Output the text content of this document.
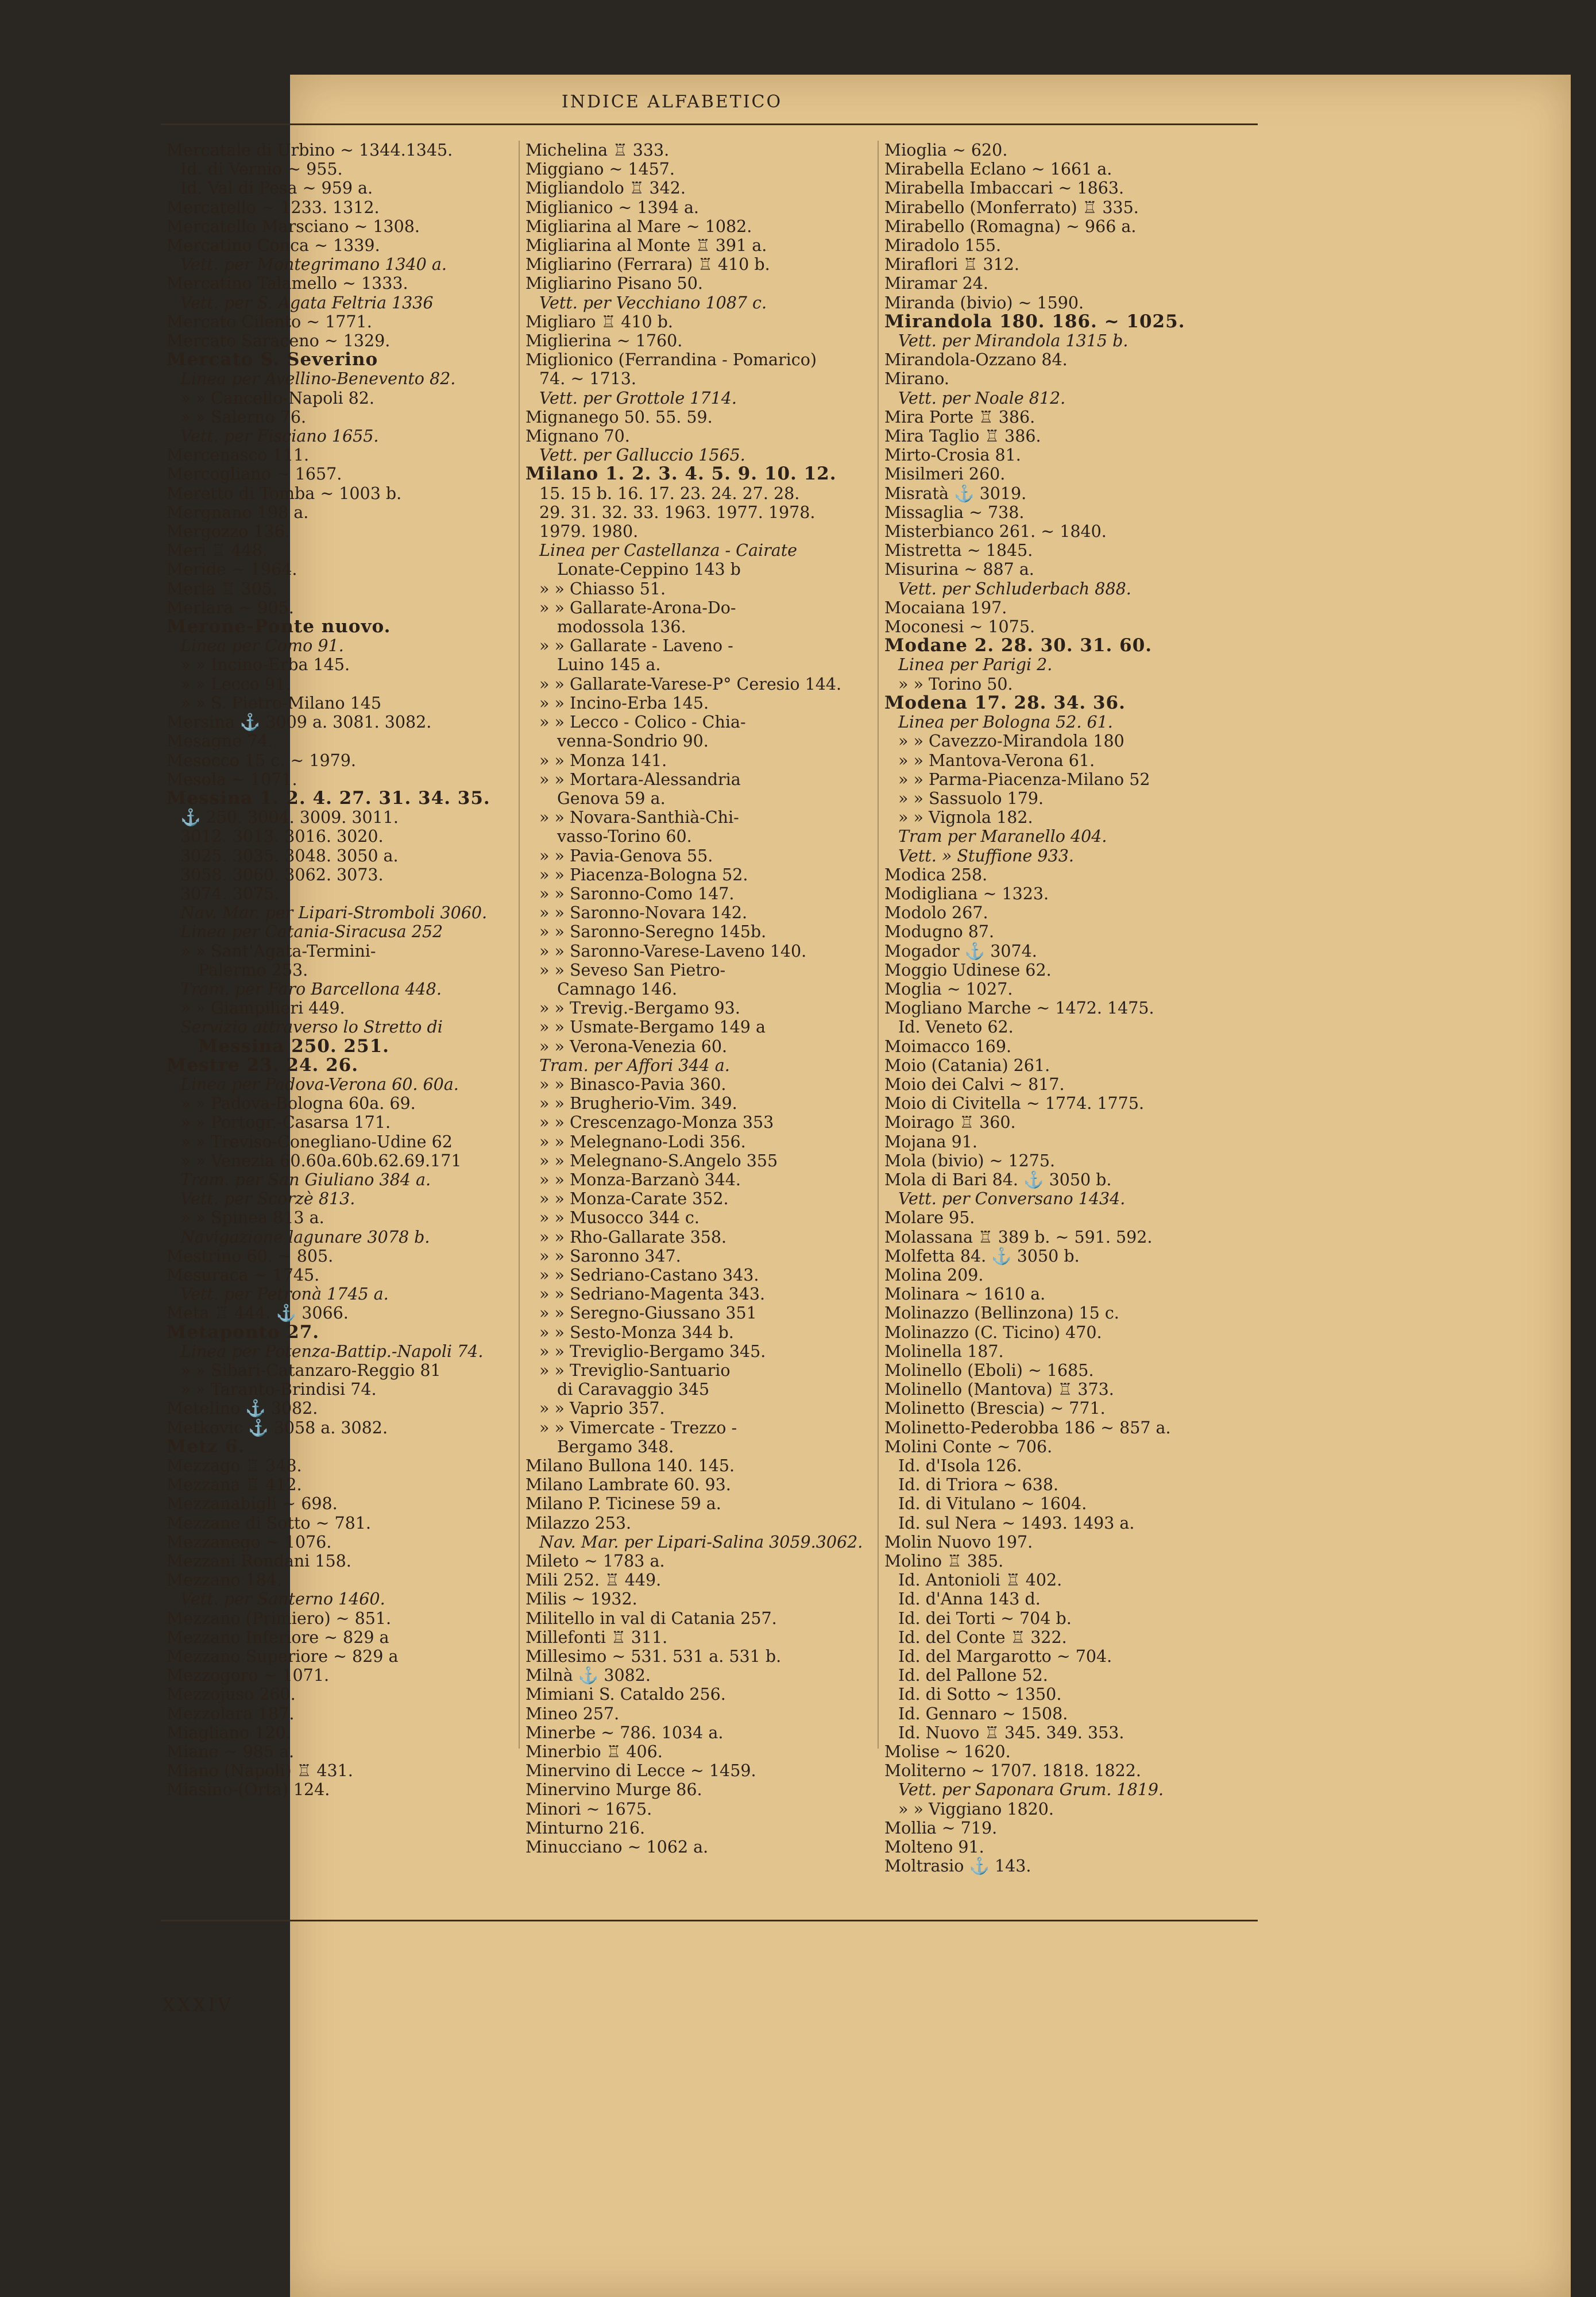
INDICE ALFABETICO
Mercatale di Urbino ~ 1344.1345.
Id. di Vernio ~ 955.
Id. Val di Pesa ~ 959 a.
Mercatello ~ 1233. 1312.
Mercatello Marsciano ~ 1308.
Mercatino Conca ~ 1339.
Vett. per Montegrimano 1340 a.
Mercatino Talamello ~ 1333.
Vett. per S. Agata Feltria 1336
Mercato Cilento ~ 1771.
Mercato Saraceno ~ 1329.
Mercato S. Severino
Linea per Avellino-Benevento 82.
» » Cancello-Napoli 82.
» » Salerno 76.
Vett. per Fisciano 1655.
Mercenasco 111.
Mercogliano ~ 1657.
Meretto di Tomba ~ 1003 b.
Mergnano 198 a.
Mergozzo 136.
Meri ♖ 448.
Meride ~ 1964.
Merla ♖ 305.
Merlara ~ 905.
Merone-Ponte nuovo.
Linea per Como 91.
» » Incino-Erba 145.
» » Lecco 91.
» » S. Pietro-Milano 145
Mersina ⚓ 3009 a. 3081. 3082.
Mesagne 74.
Mesocco 15 c. ~ 1979.
Mesola ~ 1071.
Messina 1. 2. 4. 27. 31. 34. 35.
⚓ 250. 3004. 3009. 3011.
3012. 3013. 3016. 3020.
3025. 3035. 3048. 3050 a.
3058. 3060. 3062. 3073.
3074. 3075.
Nav. Mar. per Lipari-Stromboli 3060.
Linea per Catania-Siracusa 252
» » Sant'Agata-Termini-
Palermo 253.
Tram. per Faro Barcellona 448.
» » Giampilieri 449.
Servizio attraverso lo Stretto di
Messina 250. 251.
Mestre 23. 24. 26.
Linea per Padova-Verona 60. 60a.
» » Padova-Bologna 60a. 69.
» » Portogr.-Casarsa 171.
» » Treviso-Conegliano-Udine 62
» » Venezia 60.60a.60b.62.69.171
Tram. per San Giuliano 384 a.
Vett. per Scorzè 813.
» » Spinea 813 a.
Navigazione lagunare 3078 b.
Mestrino 60. ~ 805.
Mesuraca ~ 1745.
Vett. per Petronà 1745 a.
Meta ♖ 444. ⚓ 3066.
Metaponto 27.
Linea per Potenza-Battip.-Napoli 74.
» » Sibari-Catanzaro-Reggio 81
» » Taranto-Brindisi 74.
Metelino ⚓ 3082.
Metkovic ⚓ 3058 a. 3082.
Metz 6.
Mezzago ♖ 348.
Mezzana ♖ 412.
Mezzanabigli ~ 698.
Mezzane di Sotto ~ 781.
Mezzanego ~ 1076.
Mezzani Rondani 158.
Mezzano 184.
Vett. per Santerno 1460.
Mezzano (Primiero) ~ 851.
Mezzano Inferiore ~ 829 a
Mezzano Superiore ~ 829 a
Mezzogoro ~ 1071.
Mezzojuso 260.
Mezzolara 187.
Miagliano 120.
Miane ~ 985 a.
Miano (Napoli) ♖ 431.
Miasino-(Orta) 124.
Michelina ♖ 333.
Miggiano ~ 1457.
Migliandolo ♖ 342.
Miglianico ~ 1394 a.
Migliarina al Mare ~ 1082.
Migliarina al Monte ♖ 391 a.
Migliarino (Ferrara) ♖ 410 b.
Migliarino Pisano 50.
Vett. per Vecchiano 1087 c.
Migliaro ♖ 410 b.
Miglierina ~ 1760.
Miglionico (Ferrandina - Pomarico)
74. ~ 1713.
Vett. per Grottole 1714.
Mignanego 50. 55. 59.
Mignano 70.
Vett. per Galluccio 1565.
Milano 1. 2. 3. 4. 5. 9. 10. 12.
15. 15 b. 16. 17. 23. 24. 27. 28.
29. 31. 32. 33. 1963. 1977. 1978.
1979. 1980.
Linea per Castellanza - Cairate
Lonate-Ceppino 143 b
» » Chiasso 51.
» » Gallarate-Arona-Do-
modossola 136.
» » Gallarate - Laveno -
Luino 145 a.
» » Gallarate-Varese-P° Ceresio 144.
» » Incino-Erba 145.
» » Lecco - Colico - Chia-
venna-Sondrio 90.
» » Monza 141.
» » Mortara-Alessandria
Genova 59 a.
» » Novara-Santhià-Chi-
vasso-Torino 60.
» » Pavia-Genova 55.
» » Piacenza-Bologna 52.
» » Saronno-Como 147.
» » Saronno-Novara 142.
» » Saronno-Seregno 145b.
» » Saronno-Varese-Laveno 140.
» » Seveso San Pietro-
Camnago 146.
» » Trevig.-Bergamo 93.
» » Usmate-Bergamo 149 a
» » Verona-Venezia 60.
Tram. per Affori 344 a.
» » Binasco-Pavia 360.
» » Brugherio-Vim. 349.
» » Crescenzago-Monza 353
» » Melegnano-Lodi 356.
» » Melegnano-S.Angelo 355
» » Monza-Barzanò 344.
» » Monza-Carate 352.
» » Musocco 344 c.
» » Rho-Gallarate 358.
» » Saronno 347.
» » Sedriano-Castano 343.
» » Sedriano-Magenta 343.
» » Seregno-Giussano 351
» » Sesto-Monza 344 b.
» » Treviglio-Bergamo 345.
» » Treviglio-Santuario
di Caravaggio 345
» » Vaprio 357.
» » Vimercate - Trezzo -
Bergamo 348.
Milano Bullona 140. 145.
Milano Lambrate 60. 93.
Milano P. Ticinese 59 a.
Milazzo 253.
Nav. Mar. per Lipari-Salina 3059.3062.
Mileto ~ 1783 a.
Mili 252. ♖ 449.
Milis ~ 1932.
Militello in val di Catania 257.
Millefonti ♖ 311.
Millesimo ~ 531. 531 a. 531 b.
Milnà ⚓ 3082.
Mimiani S. Cataldo 256.
Mineo 257.
Minerbe ~ 786. 1034 a.
Minerbio ♖ 406.
Minervino di Lecce ~ 1459.
Minervino Murge 86.
Minori ~ 1675.
Minturno 216.
Minucciano ~ 1062 a.
Mioglia ~ 620.
Mirabella Eclano ~ 1661 a.
Mirabella Imbaccari ~ 1863.
Mirabello (Monferrato) ♖ 335.
Mirabello (Romagna) ~ 966 a.
Miradolo 155.
Miraflori ♖ 312.
Miramar 24.
Miranda (bivio) ~ 1590.
Mirandola 180. 186. ~ 1025.
Vett. per Mirandola 1315 b.
Mirandola-Ozzano 84.
Mirano.
Vett. per Noale 812.
Mira Porte ♖ 386.
Mira Taglio ♖ 386.
Mirto-Crosia 81.
Misilmeri 260.
Misratà ⚓ 3019.
Missaglia ~ 738.
Misterbianco 261. ~ 1840.
Mistretta ~ 1845.
Misurina ~ 887 a.
Vett. per Schluderbach 888.
Mocaiana 197.
Moconesi ~ 1075.
Modane 2. 28. 30. 31. 60.
Linea per Parigi 2.
» » Torino 50.
Modena 17. 28. 34. 36.
Linea per Bologna 52. 61.
» » Cavezzo-Mirandola 180
» » Mantova-Verona 61.
» » Parma-Piacenza-Milano 52
» » Sassuolo 179.
» » Vignola 182.
Tram per Maranello 404.
Vett. » Stuffione 933.
Modica 258.
Modigliana ~ 1323.
Modolo 267.
Modugno 87.
Mogador ⚓ 3074.
Moggio Udinese 62.
Moglia ~ 1027.
Mogliano Marche ~ 1472. 1475.
Id. Veneto 62.
Moimacco 169.
Moio (Catania) 261.
Moio dei Calvi ~ 817.
Moio di Civitella ~ 1774. 1775.
Moirago ♖ 360.
Mojana 91.
Mola (bivio) ~ 1275.
Mola di Bari 84. ⚓ 3050 b.
Vett. per Conversano 1434.
Molare 95.
Molassana ♖ 389 b. ~ 591. 592.
Molfetta 84. ⚓ 3050 b.
Molina 209.
Molinara ~ 1610 a.
Molinazzo (Bellinzona) 15 c.
Molinazzo (C. Ticino) 470.
Molinella 187.
Molinello (Eboli) ~ 1685.
Molinello (Mantova) ♖ 373.
Molinetto (Brescia) ~ 771.
Molinetto-Pederobba 186 ~ 857 a.
Molini Conte ~ 706.
Id. d'Isola 126.
Id. di Triora ~ 638.
Id. di Vitulano ~ 1604.
Id. sul Nera ~ 1493. 1493 a.
Molin Nuovo 197.
Molino ♖ 385.
Id. Antonioli ♖ 402.
Id. d'Anna 143 d.
Id. dei Torti ~ 704 b.
Id. del Conte ♖ 322.
Id. del Margarotto ~ 704.
Id. del Pallone 52.
Id. di Sotto ~ 1350.
Id. Gennaro ~ 1508.
Id. Nuovo ♖ 345. 349. 353.
Molise ~ 1620.
Moliterno ~ 1707. 1818. 1822.
Vett. per Saponara Grum. 1819.
» » Viggiano 1820.
Mollia ~ 719.
Molteno 91.
Moltrasio ⚓ 143.
XXXIV
